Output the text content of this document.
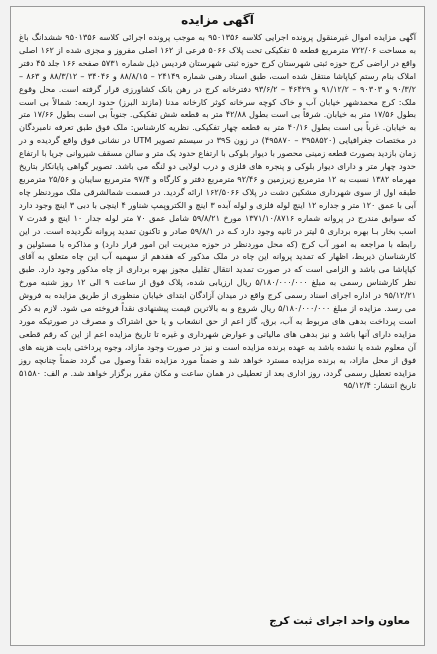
آگهی مزایده

آگهی مزایده اموال غیرمنقول پرونده اجرایی کلاسه ۹۵۰۱۳۵۶ به موجب پرونده اجرائی کلاسه ۹۵۰۱۳۵۶ ششدانگ باغ به مساحت ۷۲۲/۰۶ مترمربع قطعه ۵ تفکیکی تحت پلاک ۵۰۶۶ فرعی از ۱۶۲ اصلی مفروز و مجزی شده از ۱۶۲ اصلی واقع در اراضی کرج حوزه ثبتی شهرستان کرج حوزه ثبتی شهرستان فردیس ذیل شماره ۵۷۳۱ صفحه ۱۶۶ جلد ۴۵ دفتر املاک بنام رستم کیاپاشا منتقل شده است، طبق اسناد رهنی شماره ۲۴۱۴۹ – ۸۸/۸/۱۵ و ۳۴۰۴۶ – ۸۸/۳/۱۲ و ۸۶۳ – ۹۰/۳/۲ و ۹۰۳۰۳ – ۹۱/۱۲/۲ و ۴۶۴۲۹ – ۹۳/۶/۲ دفترخانه کرج در رهن بانک کشاورزی قرار گرفته است. محل وقوع ملک: کرج محمدشهر خیابان آب و خاک کوچه سرخانه کوثر کارخانه مدنا (مازند البرز) حدود اربعه: شمالاً بی است بطول ۱۷/۵۶ متر به خیابان. شرقاً بی است بطول ۴۲/۸۸ متر به قطعه شش تفکیکی. جنوباً بی است بطول ۱۷/۶۶ متر به خیابان. غرباً بی است بطول ۴۰/۱۶ متر به قطعه چهار تفکیکی. نظریه کارشناس: ملک فوق طبق تعرفه نامبردگان در مختصات جغرافیایی (۳۹۵۸۵۲۰ – ۴۹۵۸۷۰) در زون ۳۹S در سیستم تصویر UTM در نشانی فوق واقع گردیده و در زمان بازدید بصورت قطعه زمینی محصور با دیوار بلوکی با ارتفاع حدود یک متر و سالن مسقف شیروانی جریا با ارتفاع حدود چهار متر و دارای دیوار بلوکی و پنجره های فلزی و درب لولایی دو لنگه می باشد. تصویر گواهی پایانکار بتاریخ مهرماه ۱۳۸۲ نسبت به ۱۲ مترمربع زیرزمین و ۹۲/۴۶ مترمربع دفتر و کارگاه و ۹۷/۴ مترمربع سایبان و ۲۵/۵۶ مترمربع طبقه اول از سوی شهرداری مشکین دشت در پلاک ۱۶۲/۵۰۶۶ ارائه گردید. در قسمت شمالشرقی ملک موردنظر چاه آبی با عمق ۱۲۰ متر و جداره ۱۲ اینچ لوله فلزی و لوله آبده ۳ اینچ و الکتروپمپ شناور ۴ اینچی با دبی ۳ اینچ وجود دارد که سوابق مندرج در پروانه شماره ۱۳۷۱/۱۰/۸۷۱۶ مورخ ۵۹/۸/۲۱ شامل عمق ۷۰ متر لوله جدار ۱۰ اینچ و قدرت ۷ اسب بخار بـا بهره برداری ۵ لیتر در ثانیه وجود دارد کـه در ۵۹/۸/۱ صادر و تاکنون تمدید پروانه نگردیده است. در این رابطه با مراجعه به امور آب کرج (که محل موردنظر در حوزه مدیریت این امور قرار دارد) و مذاکره با مسئولین و کارشناسان ذیربط، اظهار که تمدید پروانه این چاه در ملک مذکور که هفدهم از سهمیه آب این چاه متعلق به آقای کیاپاشا می باشد و الزامی است که در صورت تمدید انتقال تقلیل مجوز بهره برداری از چاه مذکور وجود دارد. طبق نظر کارشناس رسمی به مبلغ ۵/۱۸۰/۰۰۰/۰۰۰ ریال ارزیابی شده، پلاک فوق از ساعت ۹ الی ۱۲ روز شنبه مورخ ۹۵/۱۲/۲۱ در اداره اجرای اسناد رسمی کرج واقع در میدان آزادگان ابتدای خیابان منظوری از طریق مزایده به فروش می رسد. مزایده از مبلغ ۵/۱۸۰/۰۰۰/۰۰۰ ریال شروع و به بالاترین قیمت پیشنهادی نقداً فروخته می شود. لازم به ذکر است پرداخت بدهی های مربوط به آب، برق، گاز اعم از حق انشعاب و یا حق اشتراک و مصرف در صورتیکه مورد مزایده دارای آنها باشد و نیز بدهی های مالیاتی و عوارض شهرداری و غیره تا تاریخ مزایده اعم از این که رقم قطعی آن معلوم شده یا نشده باشد به عهده برنده مزایده است و نیز در صورت وجود مازاد، وجوه پرداختی بابت هزینه های فوق از محل مازاد، به برنده مزایده مسترد خواهد شد و ضمناً مورد مزایده نقداً وصول می گردد ضمناً چنانچه روز مزایده تعطیل رسمی گردد، روز اداری بعد از تعطیلی در همان ساعت و مکان مقرر برگزار خواهد شد. م الف: ۵۱۵۸۰ تاریخ انتشار: ۹۵/۱۲/۴

معاون واحد اجرای ثبت کرج
